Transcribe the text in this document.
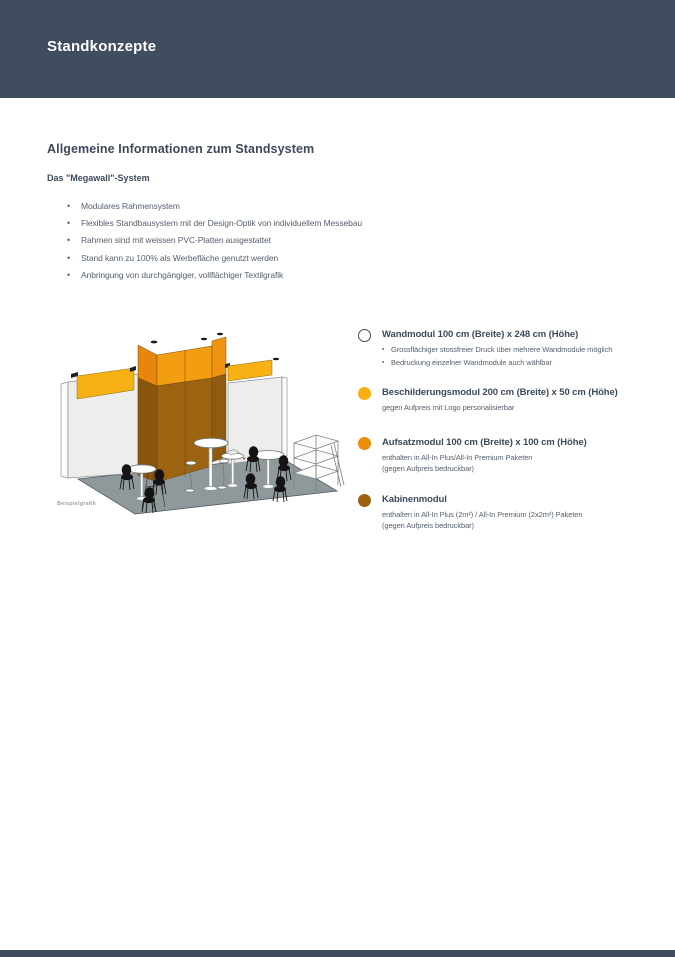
Standkonzepte
Allgemeine Informationen zum Standsystem
Das "Megawall"-System
• Modulares Rahmensystem
• Flexibles Standbausystem mit der Design-Optik von individuellem Messebau
• Rahmen sind mit weissen PVC-Platten ausgestattet
• Stand kann zu 100% als Werbefläche genutzt werden
• Anbringung von durchgängiger, vollflächiger Textilgrafik
Beispielgrafik
Wandmodul 100 cm (Breite) x 248 cm (Höhe)
▪ Grossflächiger stossfreier Druck über mehrere Wandmodule möglich
▪ Bedruckung einzelner Wandmodule auch wählbar
Beschilderungsmodul 200 cm (Breite) x 50 cm (Höhe)
gegen Aufpreis mit Logo personalisierbar
Aufsatzmodul 100 cm (Breite) x 100 cm (Höhe)
enthalten in All-In Plus/All-In Premium Paketen
(gegen Aufpreis bedruckbar)
Kabinenmodul
enthalten in All-In Plus (2m²) / All-In Premium (2x2m²) Paketen
(gegen Aufpreis bedruckbar)
